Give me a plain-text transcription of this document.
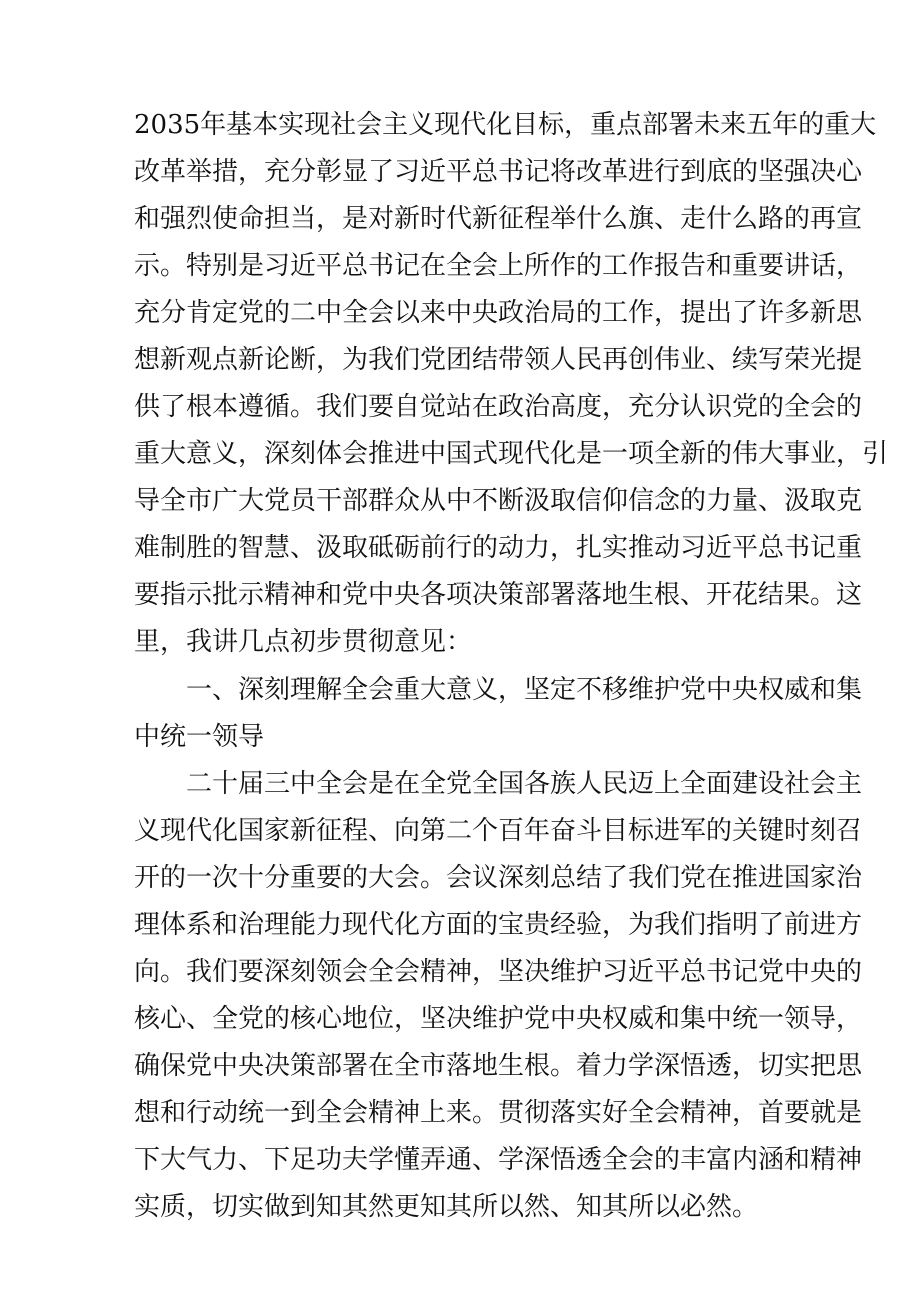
2035年基本实现社会主义现代化目标，重点部署未来五年的重大
改革举措，充分彰显了习近平总书记将改革进行到底的坚强决心
和强烈使命担当，是对新时代新征程举什么旗、走什么路的再宣
示。特别是习近平总书记在全会上所作的工作报告和重要讲话，
充分肯定党的二中全会以来中央政治局的工作，提出了许多新思
想新观点新论断，为我们党团结带领人民再创伟业、续写荣光提
供了根本遵循。我们要自觉站在政治高度，充分认识党的全会的
重大意义，深刻体会推进中国式现代化是一项全新的伟大事业，引
导全市广大党员干部群众从中不断汲取信仰信念的力量、汲取克
难制胜的智慧、汲取砥砺前行的动力，扎实推动习近平总书记重
要指示批示精神和党中央各项决策部署落地生根、开花结果。这
里，我讲几点初步贯彻意见：
一、深刻理解全会重大意义，坚定不移维护党中央权威和集
中统一领导
二十届三中全会是在全党全国各族人民迈上全面建设社会主
义现代化国家新征程、向第二个百年奋斗目标进军的关键时刻召
开的一次十分重要的大会。会议深刻总结了我们党在推进国家治
理体系和治理能力现代化方面的宝贵经验，为我们指明了前进方
向。我们要深刻领会全会精神，坚决维护习近平总书记党中央的
核心、全党的核心地位，坚决维护党中央权威和集中统一领导，
确保党中央决策部署在全市落地生根。着力学深悟透，切实把思
想和行动统一到全会精神上来。贯彻落实好全会精神，首要就是
下大气力、下足功夫学懂弄通、学深悟透全会的丰富内涵和精神
实质，切实做到知其然更知其所以然、知其所以必然。
